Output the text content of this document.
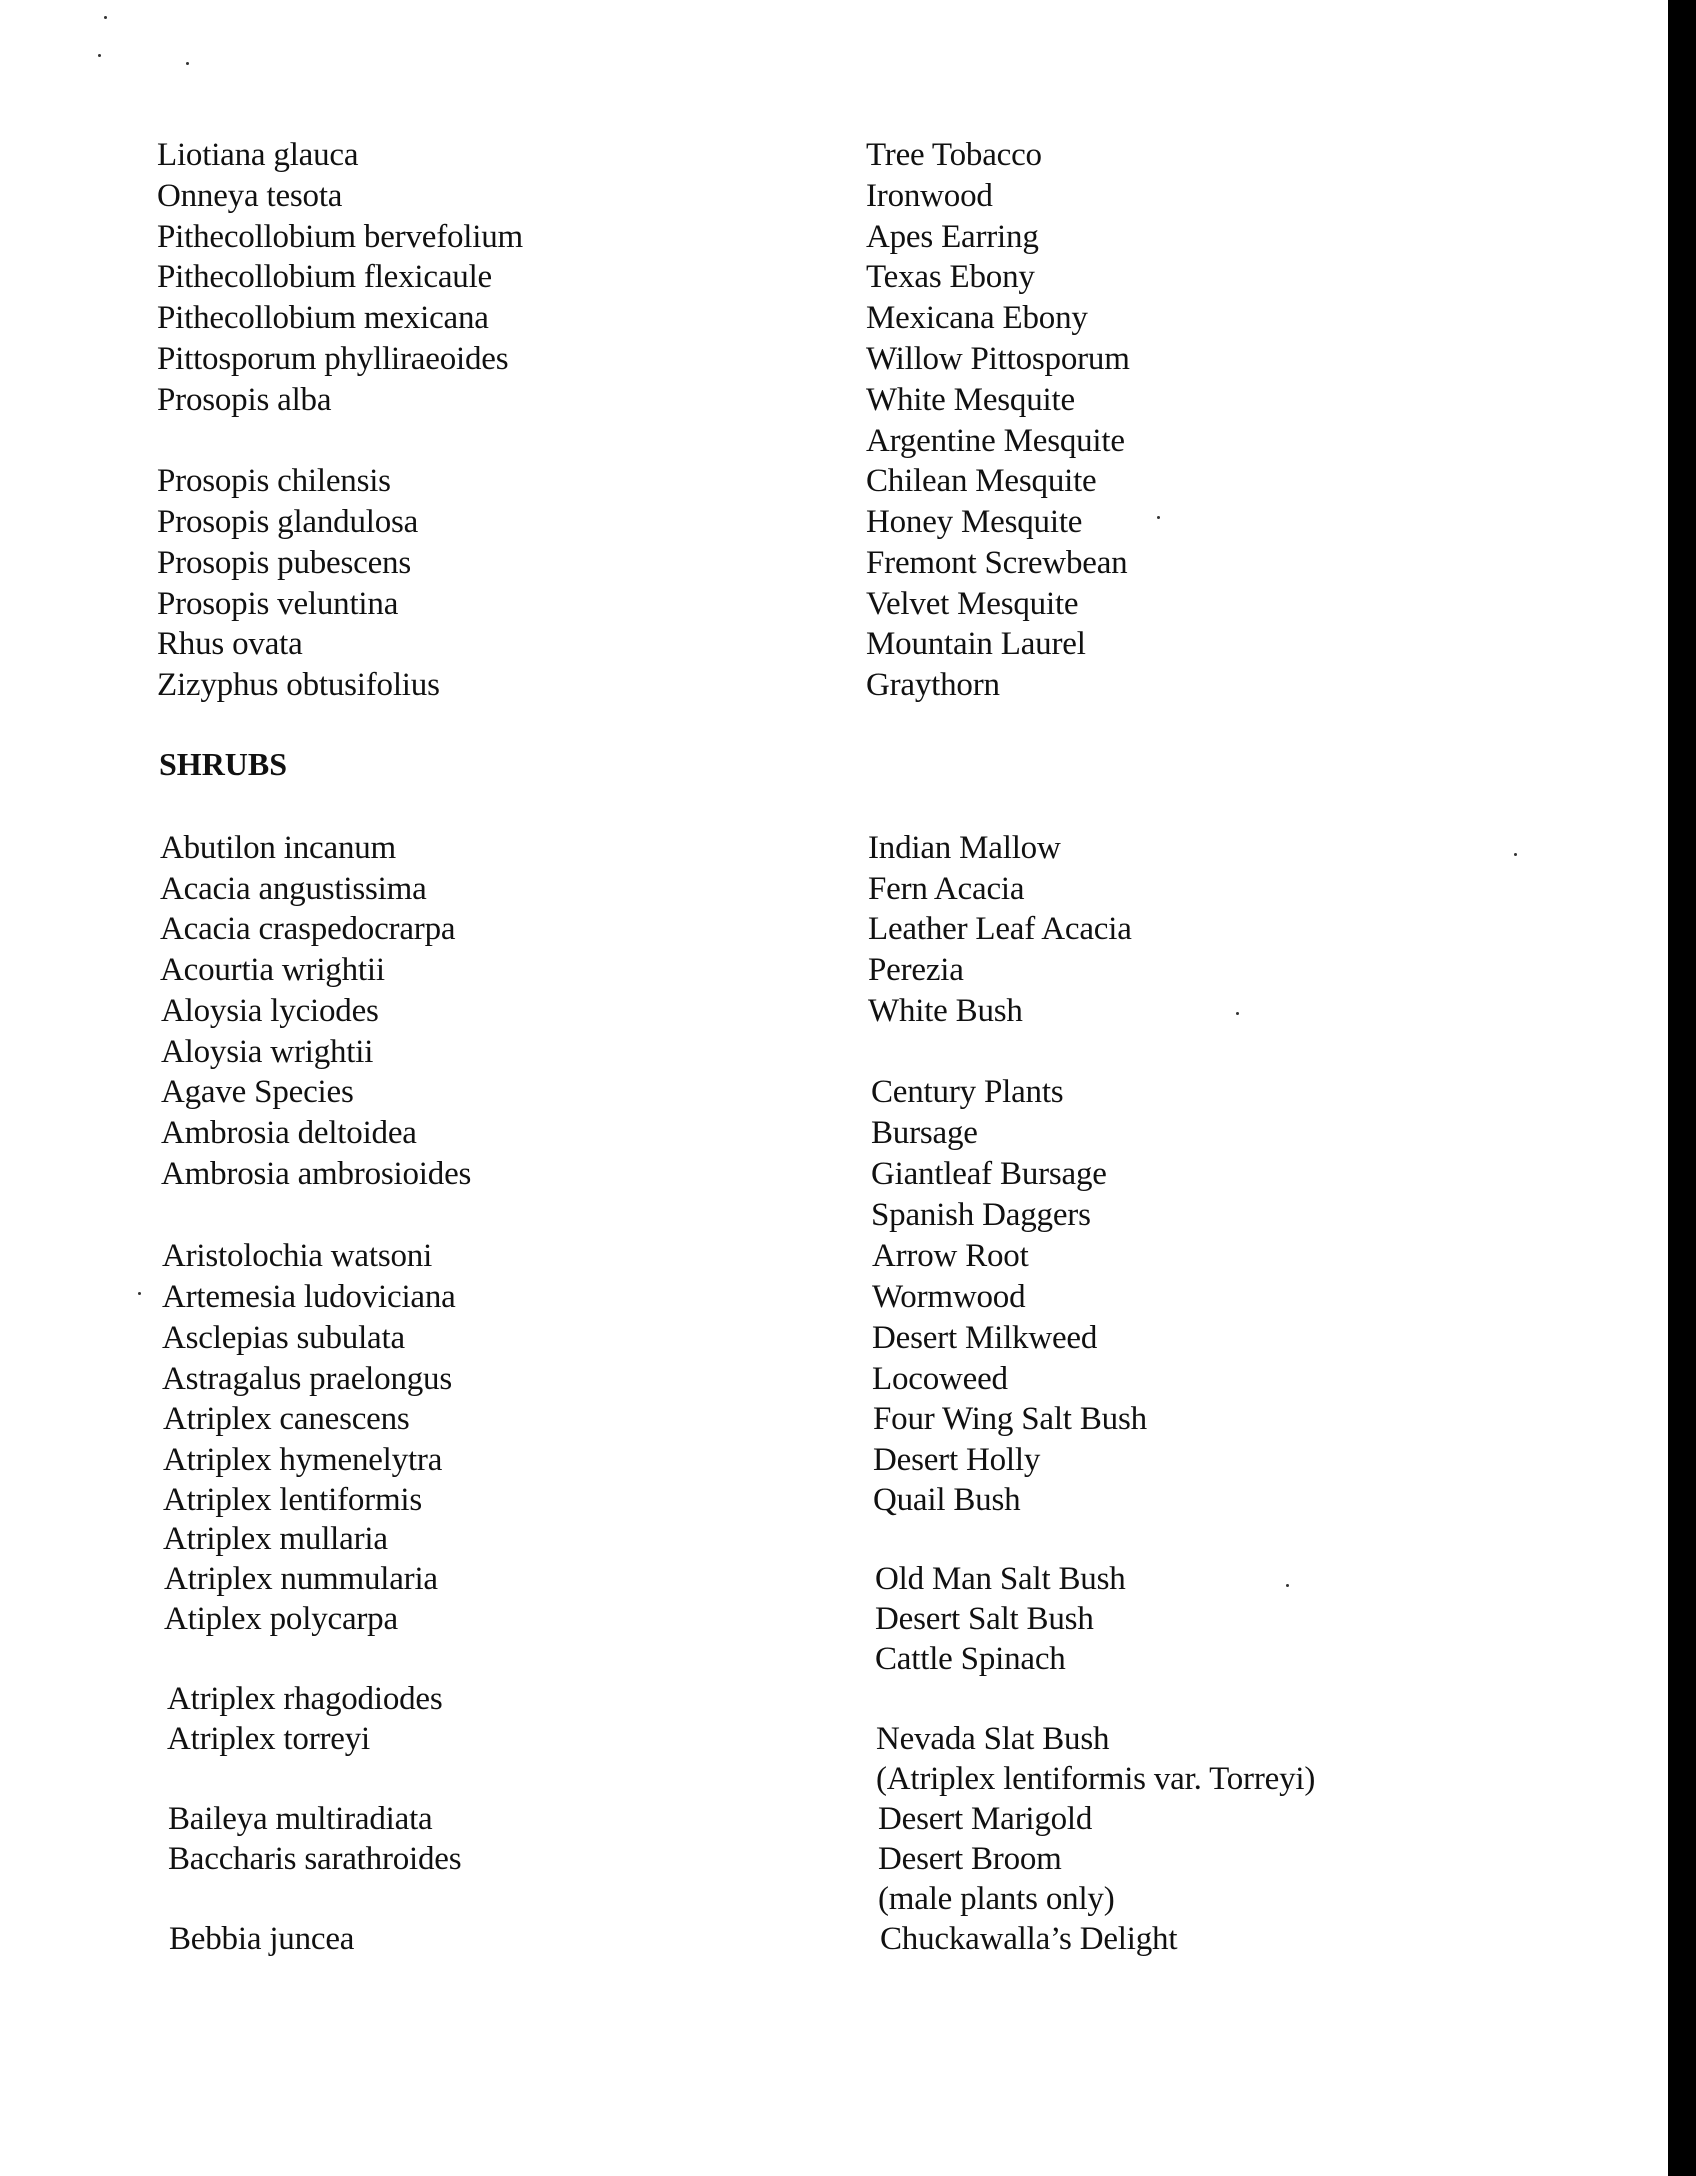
Liotiana glauca
Onneya tesota
Pithecollobium bervefolium
Pithecollobium flexicaule
Pithecollobium mexicana
Pittosporum phylliraeoides
Prosopis alba
Prosopis chilensis
Prosopis glandulosa
Prosopis pubescens
Prosopis veluntina
Rhus ovata
Zizyphus obtusifolius
Tree Tobacco
Ironwood
Apes Earring
Texas Ebony
Mexicana Ebony
Willow Pittosporum
White Mesquite
Argentine Mesquite
Chilean Mesquite
Honey Mesquite
Fremont Screwbean
Velvet Mesquite
Mountain Laurel
Graythorn
SHRUBS
Abutilon incanum
Acacia angustissima
Acacia craspedocrarpa
Acourtia wrightii
Aloysia lyciodes
Aloysia wrightii
Agave Species
Ambrosia deltoidea
Ambrosia ambrosioides
Aristolochia watsoni
Artemesia ludoviciana
Asclepias subulata
Astragalus praelongus
Atriplex canescens
Atriplex hymenelytra
Atriplex lentiformis
Atriplex mullaria
Atriplex nummularia
Atiplex polycarpa
Atriplex rhagodiodes
Atriplex torreyi
Baileya multiradiata
Baccharis sarathroides
Bebbia juncea
Indian Mallow
Fern Acacia
Leather Leaf Acacia
Perezia
White Bush
Century Plants
Bursage
Giantleaf Bursage
Spanish Daggers
Arrow Root
Wormwood
Desert Milkweed
Locoweed
Four Wing Salt Bush
Desert Holly
Quail Bush
Old Man Salt Bush
Desert Salt Bush
Cattle Spinach
Nevada Slat Bush
(Atriplex lentiformis var. Torreyi)
Desert Marigold
Desert Broom
(male plants only)
Chuckawalla’s Delight
